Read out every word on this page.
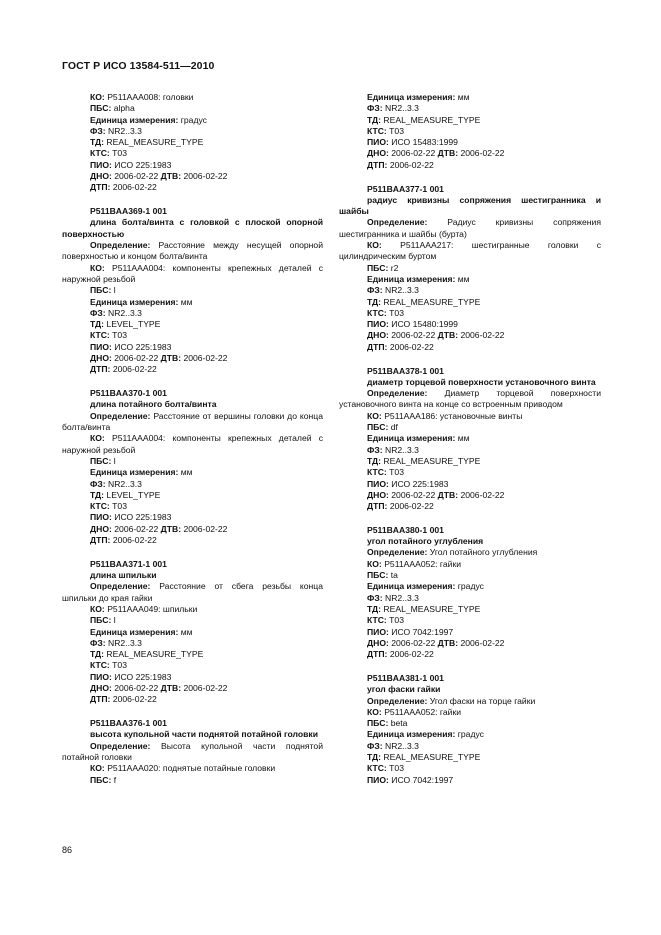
ГОСТ Р ИСО 13584-511—2010
КО: P511AAA008: головки
ПБС: alpha
Единица измерения: градус
ФЗ: NR2..3.3
ТД: REAL_MEASURE_TYPE
КТС: T03
ПИО: ИСО 225:1983
ДНО: 2006-02-22 ДТВ: 2006-02-22
ДТП: 2006-02-22
P511BAA369-1 001
длина болта/винта с головкой с плоской опорной поверхностью
Определение: Расстояние между несущей опорной поверхностью и концом болта/винта
КО: P511AAA004: компоненты крепежных деталей с наружной резьбой
ПБС: l
Единица измерения: мм
ФЗ: NR2..3.3
ТД: LEVEL_TYPE
КТС: T03
ПИО: ИСО 225:1983
ДНО: 2006-02-22 ДТВ: 2006-02-22
ДТП: 2006-02-22
P511BAA370-1 001
длина потайного болта/винта
Определение: Расстояние от вершины головки до конца болта/винта
КО: P511AAA004: компоненты крепежных деталей с наружной резьбой
ПБС: l
Единица измерения: мм
ФЗ: NR2..3.3
ТД: LEVEL_TYPE
КТС: T03
ПИО: ИСО 225:1983
ДНО: 2006-02-22 ДТВ: 2006-02-22
ДТП: 2006-02-22
P511BAA371-1 001
длина шпильки
Определение: Расстояние от сбега резьбы конца шпильки до края гайки
КО: P511AAA049: шпильки
ПБС: l
Единица измерения: мм
ФЗ: NR2..3.3
ТД: REAL_MEASURE_TYPE
КТС: T03
ПИО: ИСО 225:1983
ДНО: 2006-02-22 ДТВ: 2006-02-22
ДТП: 2006-02-22
P511BAA376-1 001
высота купольной части поднятой потайной головки
Определение: Высота купольной части поднятой потайной головки
КО: P511AAA020: поднятые потайные головки
ПБС: f
Единица измерения: мм
ФЗ: NR2..3.3
ТД: REAL_MEASURE_TYPE
КТС: T03
ПИО: ИСО 15483:1999
ДНО: 2006-02-22 ДТВ: 2006-02-22
ДТП: 2006-02-22
P511BAA377-1 001
радиус кривизны сопряжения шестигранника и шайбы
Определение: Радиус кривизны сопряжения шестигранника и шайбы (бурта)
КО: P511AAA217: шестигранные головки с цилиндрическим буртом
ПБС: r2
Единица измерения: мм
ФЗ: NR2..3.3
ТД: REAL_MEASURE_TYPE
КТС: T03
ПИО: ИСО 15480:1999
ДНО: 2006-02-22 ДТВ: 2006-02-22
ДТП: 2006-02-22
P511BAA378-1 001
диаметр торцевой поверхности установочного винта
Определение: Диаметр торцевой поверхности установочного винта на конце со встроенным приводом
КО: P511AAA186: установочные винты
ПБС: df
Единица измерения: мм
ФЗ: NR2..3.3
ТД: REAL_MEASURE_TYPE
КТС: T03
ПИО: ИСО 225:1983
ДНО: 2006-02-22 ДТВ: 2006-02-22
ДТП: 2006-02-22
P511BAA380-1 001
угол потайного углубления
Определение: Угол потайного углубления
КО: P511AAA052: гайки
ПБС: ta
Единица измерения: градус
ФЗ: NR2..3.3
ТД: REAL_MEASURE_TYPE
КТС: T03
ПИО: ИСО 7042:1997
ДНО: 2006-02-22 ДТВ: 2006-02-22
ДТП: 2006-02-22
P511BAA381-1 001
угол фаски гайки
Определение: Угол фаски на торце гайки
КО: P511AAA052: гайки
ПБС: beta
Единица измерения: градус
ФЗ: NR2..3.3
ТД: REAL_MEASURE_TYPE
КТС: T03
ПИО: ИСО 7042:1997
86
